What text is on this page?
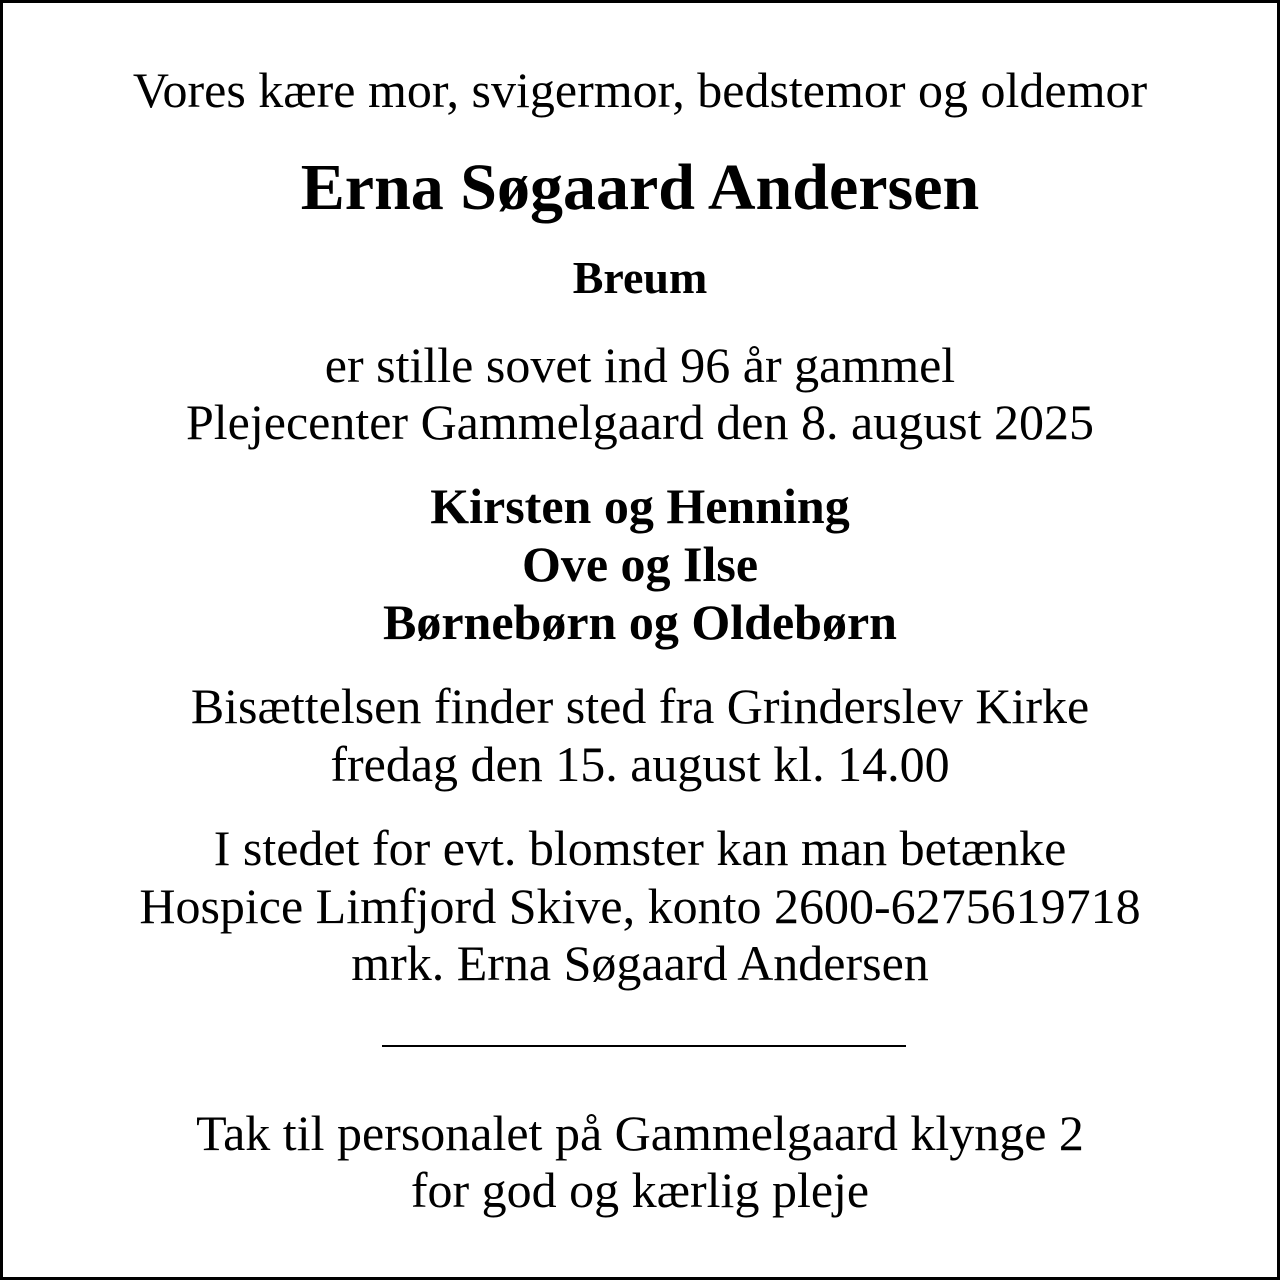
Vores kære mor, svigermor, bedstemor og oldemor
Erna Søgaard Andersen
Breum
er stille sovet ind 96 år gammel
Plejecenter Gammelgaard den 8. august 2025
Kirsten og Henning
Ove og Ilse
Børnebørn og Oldebørn
Bisættelsen finder sted fra Grinderslev Kirke
fredag den 15. august kl. 14.00
I stedet for evt. blomster kan man betænke
Hospice Limfjord Skive, konto 2600-6275619718
mrk. Erna Søgaard Andersen
Tak til personalet på Gammelgaard klynge 2
for god og kærlig pleje
